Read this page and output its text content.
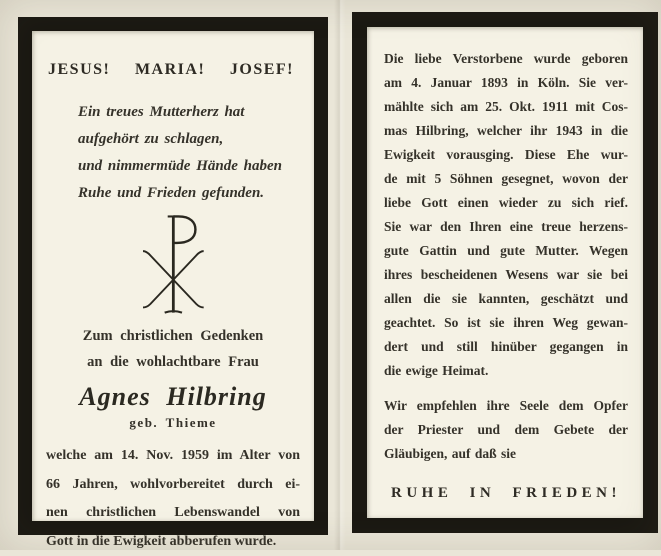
JESUS! MARIA! JOSEF!
Ein treues Mutterherz hat
aufgehört zu schlagen,
und nimmermüde Hände haben
Ruhe und Frieden gefunden.
Zum christlichen Gedenken
an die wohlachtbare Frau
Agnes Hilbring
geb. Thieme
welche am 14. Nov. 1959 im Alter von
66 Jahren, wohlvorbereitet durch ei-
nen christlichen Lebenswandel von
Gott in die Ewigkeit abberufen wurde.
Die liebe Verstorbene wurde geboren
am 4. Januar 1893 in Köln. Sie ver-
mählte sich am 25. Okt. 1911 mit Cos-
mas Hilbring, welcher ihr 1943 in die
Ewigkeit vorausging. Diese Ehe wur-
de mit 5 Söhnen gesegnet, wovon der
liebe Gott einen wieder zu sich rief.
Sie war den Ihren eine treue herzens-
gute Gattin und gute Mutter. Wegen
ihres bescheidenen Wesens war sie bei
allen die sie kannten, geschätzt und
geachtet. So ist sie ihren Weg gewan-
dert und still hinüber gegangen in
die ewige Heimat.
Wir empfehlen ihre Seele dem Opfer
der Priester und dem Gebete der
Gläubigen, auf daß sie
RUHE IN FRIEDEN!
